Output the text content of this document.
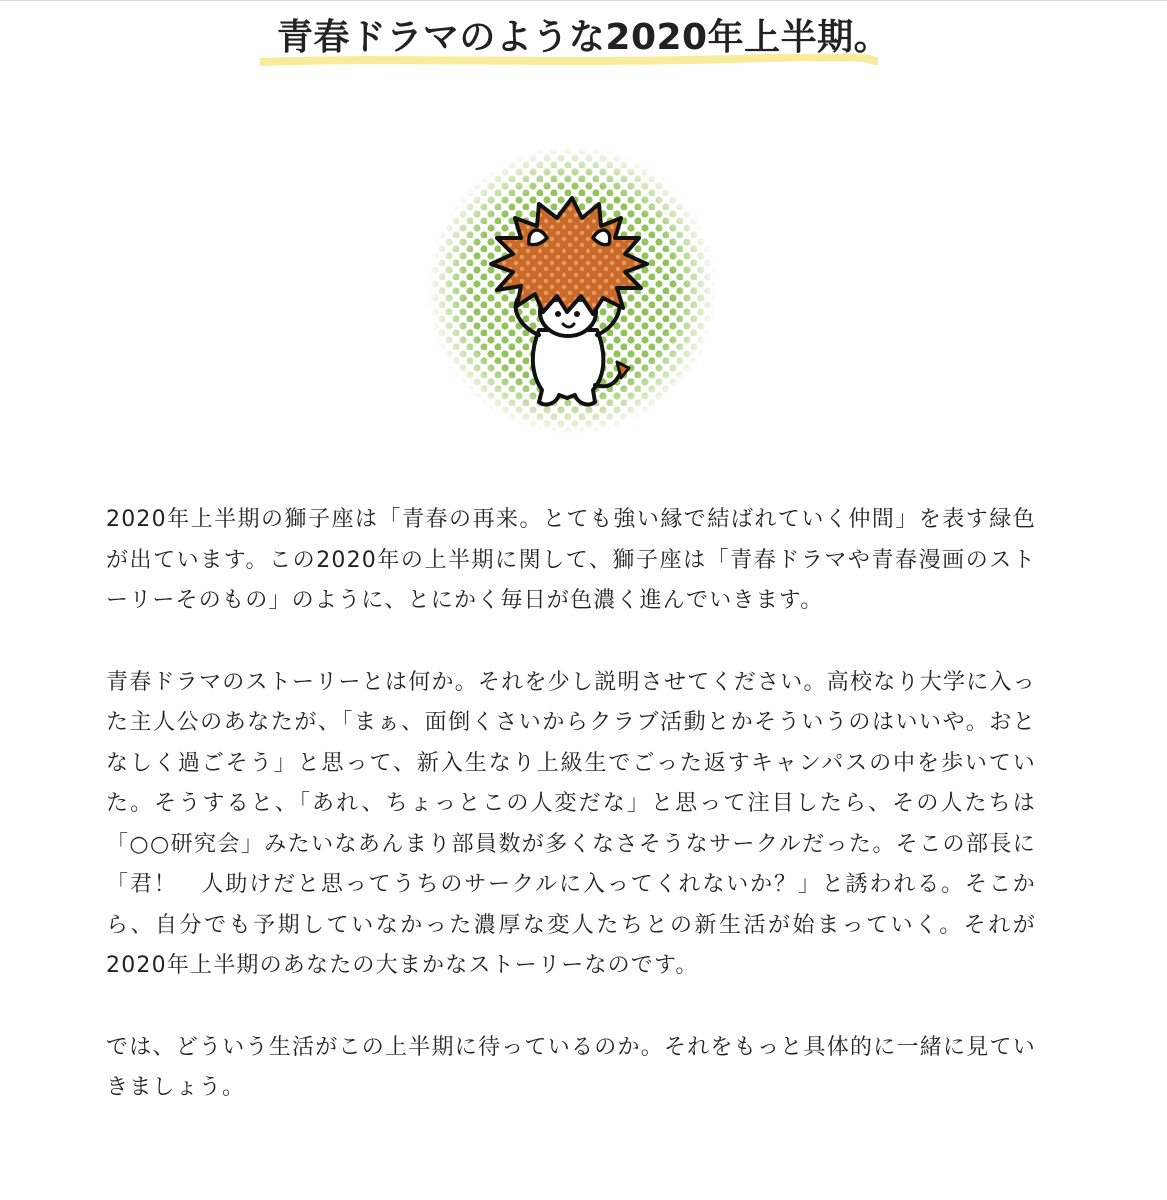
青春ドラマのような2020年上半期。

2020年上半期の獅子座は「青春の再来。とても強い縁で結ばれていく仲間」を表す緑色が出ています。この2020年の上半期に関して、獅子座は「青春ドラマや青春漫画のストーリーそのもの」のように、とにかく毎日が色濃く進んでいきます。

青春ドラマのストーリーとは何か。それを少し説明させてください。高校なり大学に入った主人公のあなたが、「まぁ、面倒くさいからクラブ活動とかそういうのはいいや。おとなしく過ごそう」と思って、新入生なり上級生でごった返すキャンパスの中を歩いていた。そうすると、「あれ、ちょっとこの人変だな」と思って注目したら、その人たちは「○○研究会」みたいなあんまり部員数が多くなさそうなサークルだった。そこの部長に「君！　人助けだと思ってうちのサークルに入ってくれないか？」と誘われる。そこから、自分でも予期していなかった濃厚な変人たちとの新生活が始まっていく。それが2020年上半期のあなたの大まかなストーリーなのです。

では、どういう生活がこの上半期に待っているのか。それをもっと具体的に一緒に見ていきましょう。
